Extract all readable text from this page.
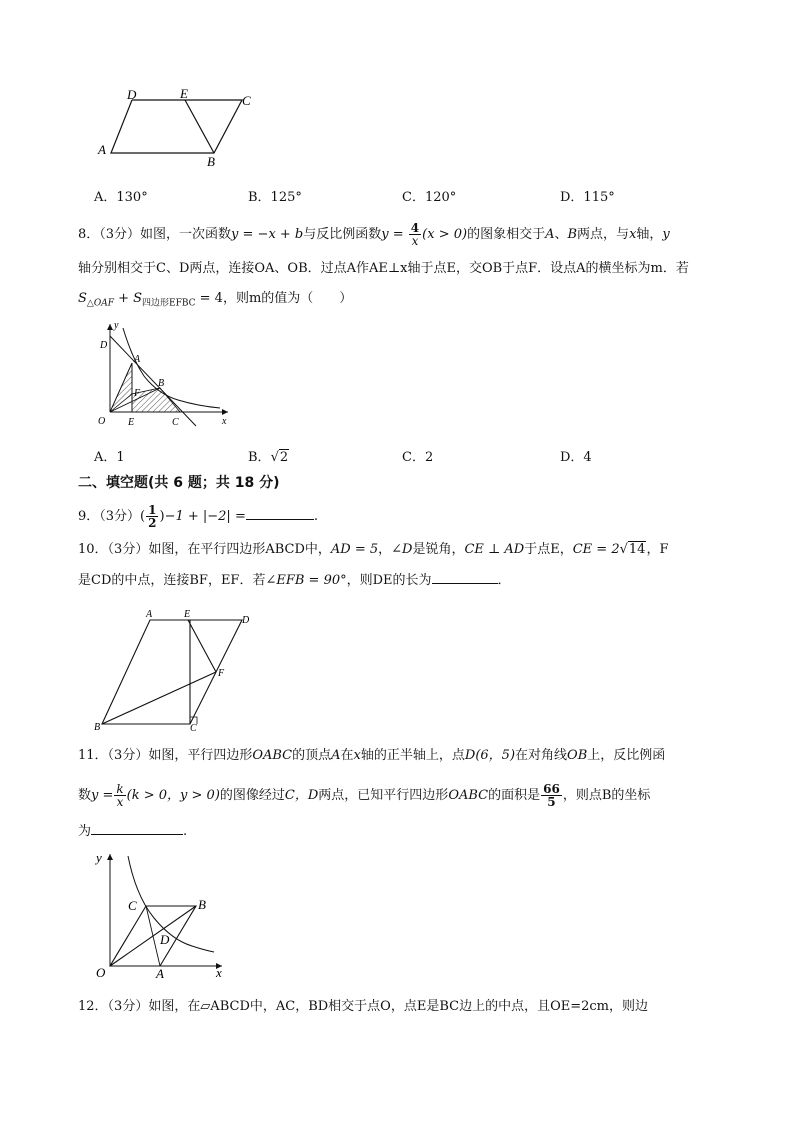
D	E	C
A
B
A．130°	B．125°	C．120°	D．115°
8．（3分）如图，一次函数y = −x + b与反比例函数$y = \frac{4}{x} (x > 0)$的图象相交于A、B两点，与x轴，y
轴分别相交于C、D两点，连接OA、OB．过点A作AE⊥x轴于点E，交OB于点F．设点A的横坐标为m．若
$S_{\triangle OAF} + S_{四边形EFBC} = 4$，则m的值为（　　）
y
D
A
F
B
O E	C	x
A．1	B．√2	C．2	D．4
二、填空题(共 6 题；共 18 分)
9．（3分）( $\frac{1}{2} )-1 + |-2|$ =	.
10．（3分）如图，在平行四边形ABCD中，AD = 5，∠D是锐角，CE ⊥ AD于点E，CE = 2√14，F
是CD的中点，连接BF，EF．若∠EFB = 90°，则DE的长为	．
A	E
D
F
B	C
11．（3分）如图，平行四边形OABC的顶点A在x轴的正半轴上，点D(6，5)在对角线OB上，反比例函
数$y = \frac{k}{x} (k > 0$，y > 0)的图像经过C，D两点，已知平行四边形OABC的面积是 $\frac{66}{5}$ ，则点B的坐标
为	.
y
C	B
D
O	A	x
12．（3分）如图，在▱ABCD中，AC，BD相交于点O，点E是BC边上的中点，且OE=2cm，则边
